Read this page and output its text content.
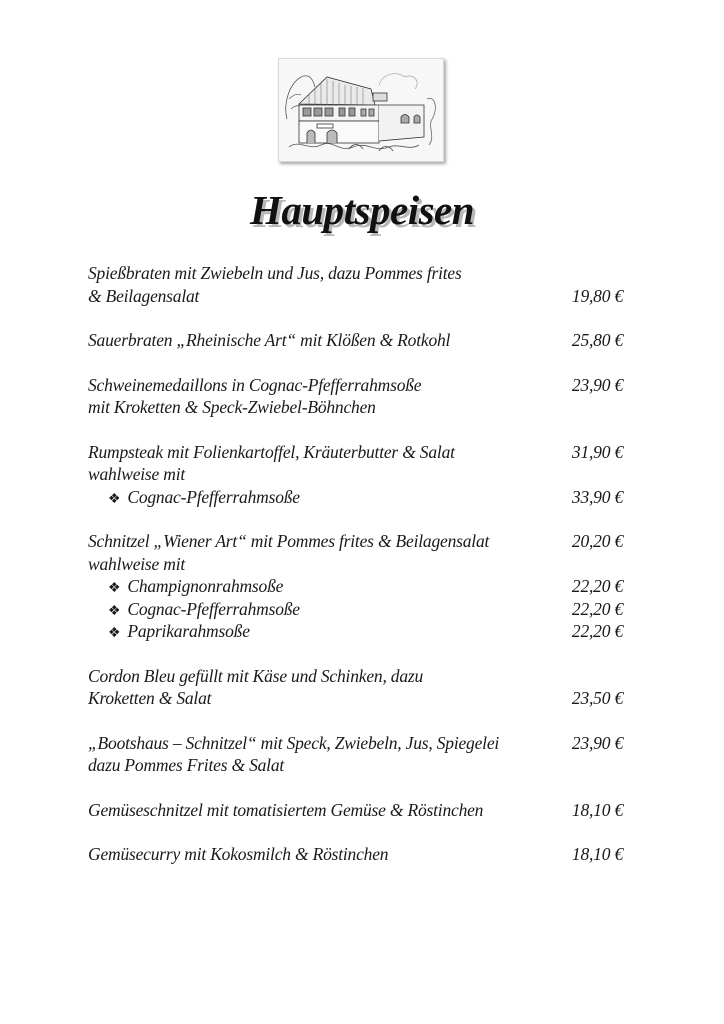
Hauptspeisen
Spießbraten mit Zwiebeln und Jus, dazu Pommes frites
& Beilagensalat	19,80 €
Sauerbraten „Rheinische Art“ mit Klößen & Rotkohl	25,80 €
Schweinemedaillons in Cognac-Pfefferrahmsoße	23,90 €
mit Kroketten & Speck-Zwiebel-Böhnchen
Rumpsteak mit Folienkartoffel, Kräuterbutter & Salat	31,90 €
wahlweise mit
❖ Cognac-Pfefferrahmsoße	33,90 €
Schnitzel „Wiener Art“ mit Pommes frites & Beilagensalat	20,20 €
wahlweise mit
❖ Champignonrahmsoße	22,20 €
❖ Cognac-Pfefferrahmsoße	22,20 €
❖ Paprikarahmsoße	22,20 €
Cordon Bleu gefüllt mit Käse und Schinken, dazu
Kroketten & Salat	23,50 €
„Bootshaus – Schnitzel“ mit Speck, Zwiebeln, Jus, Spiegelei	23,90 €
dazu Pommes Frites & Salat
Gemüseschnitzel mit tomatisiertem Gemüse & Röstinchen	18,10 €
Gemüsecurry mit Kokosmilch & Röstinchen	18,10 €
